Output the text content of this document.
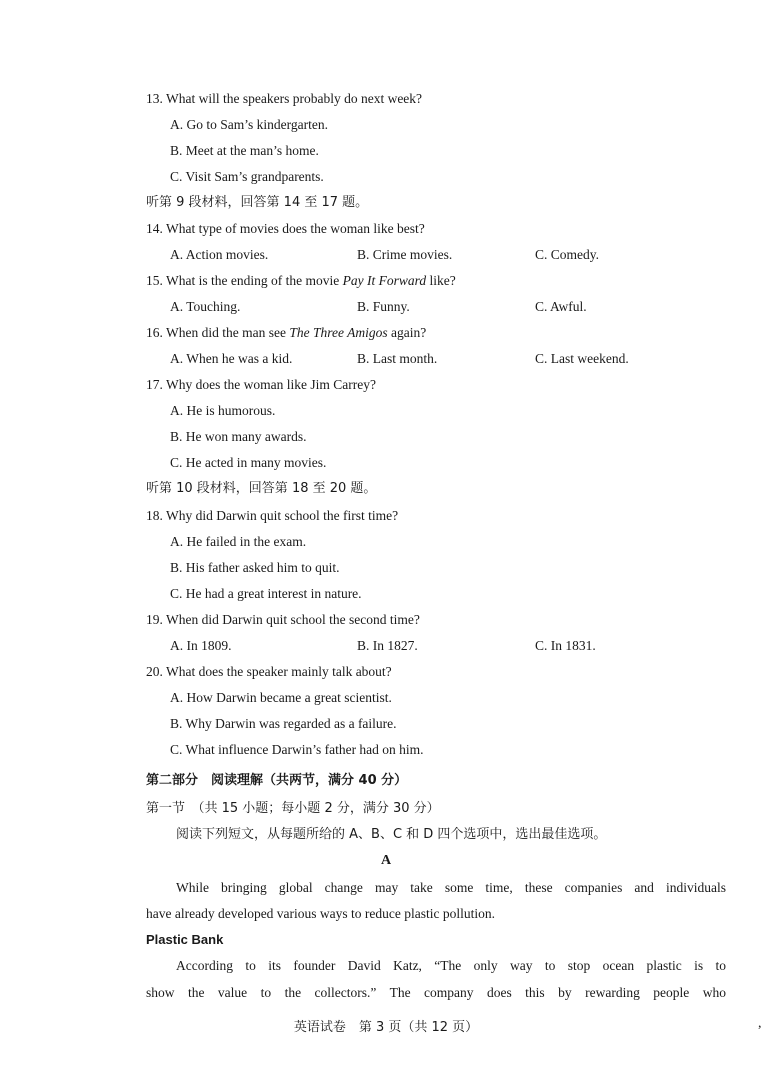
13. What will the speakers probably do next week?
A. Go to Sam’s kindergarten.
B. Meet at the man’s home.
C. Visit Sam’s grandparents.
听第 9 段材料，回答第 14 至 17 题。
14. What type of movies does the woman like best?
A. Action movies.	B. Crime movies.	C. Comedy.
15. What is the ending of the movie Pay It Forward like?
A. Touching.	B. Funny.	C. Awful.
16. When did the man see The Three Amigos again?
A. When he was a kid.	B. Last month.	C. Last weekend.
17. Why does the woman like Jim Carrey?
A. He is humorous.
B. He won many awards.
C. He acted in many movies.
听第 10 段材料，回答第 18 至 20 题。
18. Why did Darwin quit school the first time?
A. He failed in the exam.
B. His father asked him to quit.
C. He had a great interest in nature.
19. When did Darwin quit school the second time?
A. In 1809.	B. In 1827.	C. In 1831.
20. What does the speaker mainly talk about?
A. How Darwin became a great scientist.
B. Why Darwin was regarded as a failure.
C. What influence Darwin’s father had on him.
第二部分　阅读理解（共两节，满分 40 分）
第一节　（共 15 小题；每小题 2 分，满分 30 分）
阅读下列短文，从每题所给的 A、B、C 和 D 四个选项中，选出最佳选项。
A
While bringing global change may take some time, these companies and individuals
have already developed various ways to reduce plastic pollution.
Plastic Bank
According to its founder David Katz, “The only way to stop ocean plastic is to
show the value to the collectors.” The company does this by rewarding people who
英语试卷　第 3 页（共 12 页）	,
